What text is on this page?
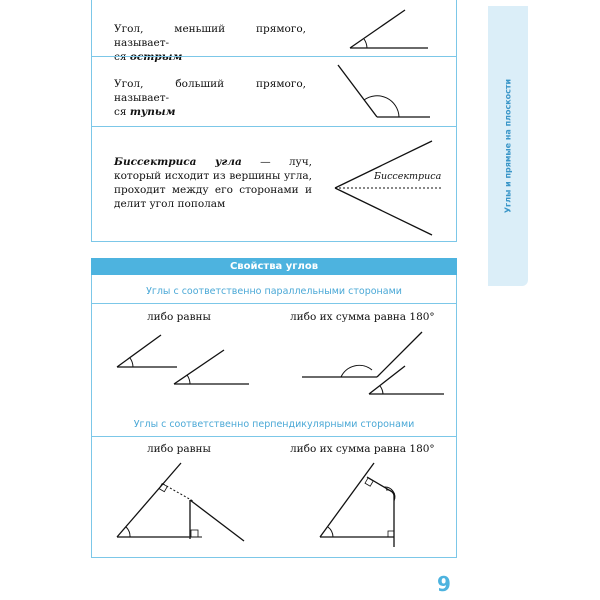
Углы и прямые на плоскости
Угол, меньший прямого, называет-
ся острым
Угол, больший прямого, называет-
ся тупым
Биссектриса угла — луч, который исходит из вершины угла, проходит между его сторонами и делит угол пополам
Биссектриса
Свойства углов
Углы с соответственно параллельными сторонами
либо равны	либо их сумма равна 180°
Углы с соответственно перпендикулярными сторонами
либо равны	либо их сумма равна 180°
9
